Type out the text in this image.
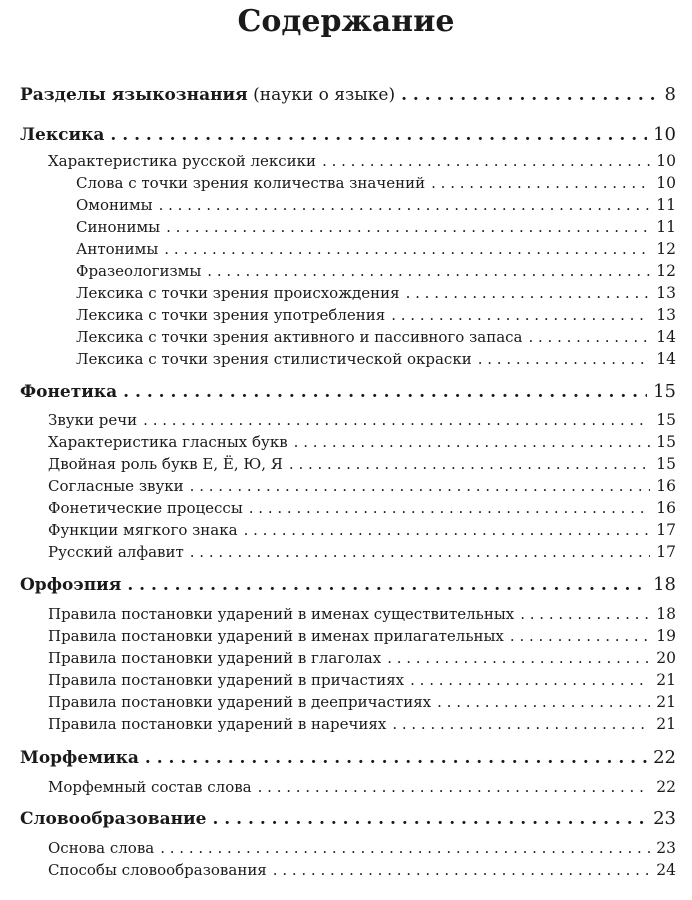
Содержание
Разделы языкознания (науки о языке) . . .	8
Лексика . . .	10
Характеристика русской лексики . . .	10
Слова с точки зрения количества значений . . .	10
Омонимы . . .	11
Синонимы . . .	11
Антонимы . . .	12
Фразеологизмы . . .	12
Лексика с точки зрения происхождения . . .	13
Лексика с точки зрения употребления . . .	13
Лексика с точки зрения активного и пассивного запаса . . .	14
Лексика с точки зрения стилистической окраски . . .	14
Фонетика . . .	15
Звуки речи . . .	15
Характеристика гласных букв . . .	15
Двойная роль букв Е, Ё, Ю, Я . . .	15
Согласные звуки . . .	16
Фонетические процессы . . .	16
Функции мягкого знака . . .	17
Русский алфавит . . .	17
Орфоэпия . . .	18
Правила постановки ударений в именах существительных . . .	18
Правила постановки ударений в именах прилагательных . . .	19
Правила постановки ударений в глаголах . . .	20
Правила постановки ударений в причастиях . . .	21
Правила постановки ударений в деепричастиях . . .	21
Правила постановки ударений в наречиях . . .	21
Морфемика . . .	22
Морфемный состав слова . . .	22
Словообразование . . .	23
Основа слова . . .	23
Способы словообразования . . .	24
